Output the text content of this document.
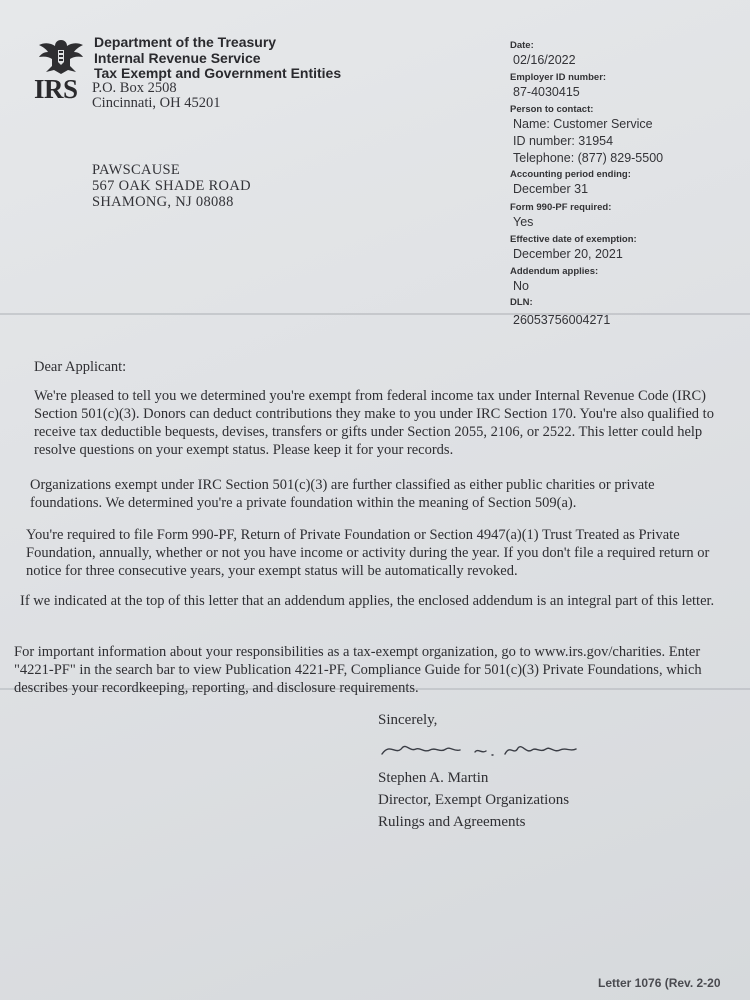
IRS
Department of the Treasury
Internal Revenue Service
Tax Exempt and Government Entities
P.O. Box 2508
Cincinnati, OH 45201
PAWSCAUSE
567 OAK SHADE ROAD
SHAMONG, NJ 08088
Date:
02/16/2022
Employer ID number:
87-4030415
Person to contact:
Name: Customer Service
ID number: 31954
Telephone: (877) 829-5500
Accounting period ending:
December 31
Form 990-PF required:
Yes
Effective date of exemption:
December 20, 2021
Addendum applies:
No
DLN:
26053756004271

Dear Applicant:

We're pleased to tell you we determined you're exempt from federal income tax under Internal Revenue Code (IRC) Section 501(c)(3). Donors can deduct contributions they make to you under IRC Section 170. You're also qualified to receive tax deductible bequests, devises, transfers or gifts under Section 2055, 2106, or 2522. This letter could help resolve questions on your exempt status. Please keep it for your records.

Organizations exempt under IRC Section 501(c)(3) are further classified as either public charities or private foundations. We determined you're a private foundation within the meaning of Section 509(a).

You're required to file Form 990-PF, Return of Private Foundation or Section 4947(a)(1) Trust Treated as Private Foundation, annually, whether or not you have income or activity during the year. If you don't file a required return or notice for three consecutive years, your exempt status will be automatically revoked.

If we indicated at the top of this letter that an addendum applies, the enclosed addendum is an integral part of this letter.

For important information about your responsibilities as a tax-exempt organization, go to www.irs.gov/charities. Enter "4221-PF" in the search bar to view Publication 4221-PF, Compliance Guide for 501(c)(3) Private Foundations, which describes your recordkeeping, reporting, and disclosure requirements.

Sincerely,
Stephen A. Martin
Director, Exempt Organizations
Rulings and Agreements
Letter 1076 (Rev. 2-20
